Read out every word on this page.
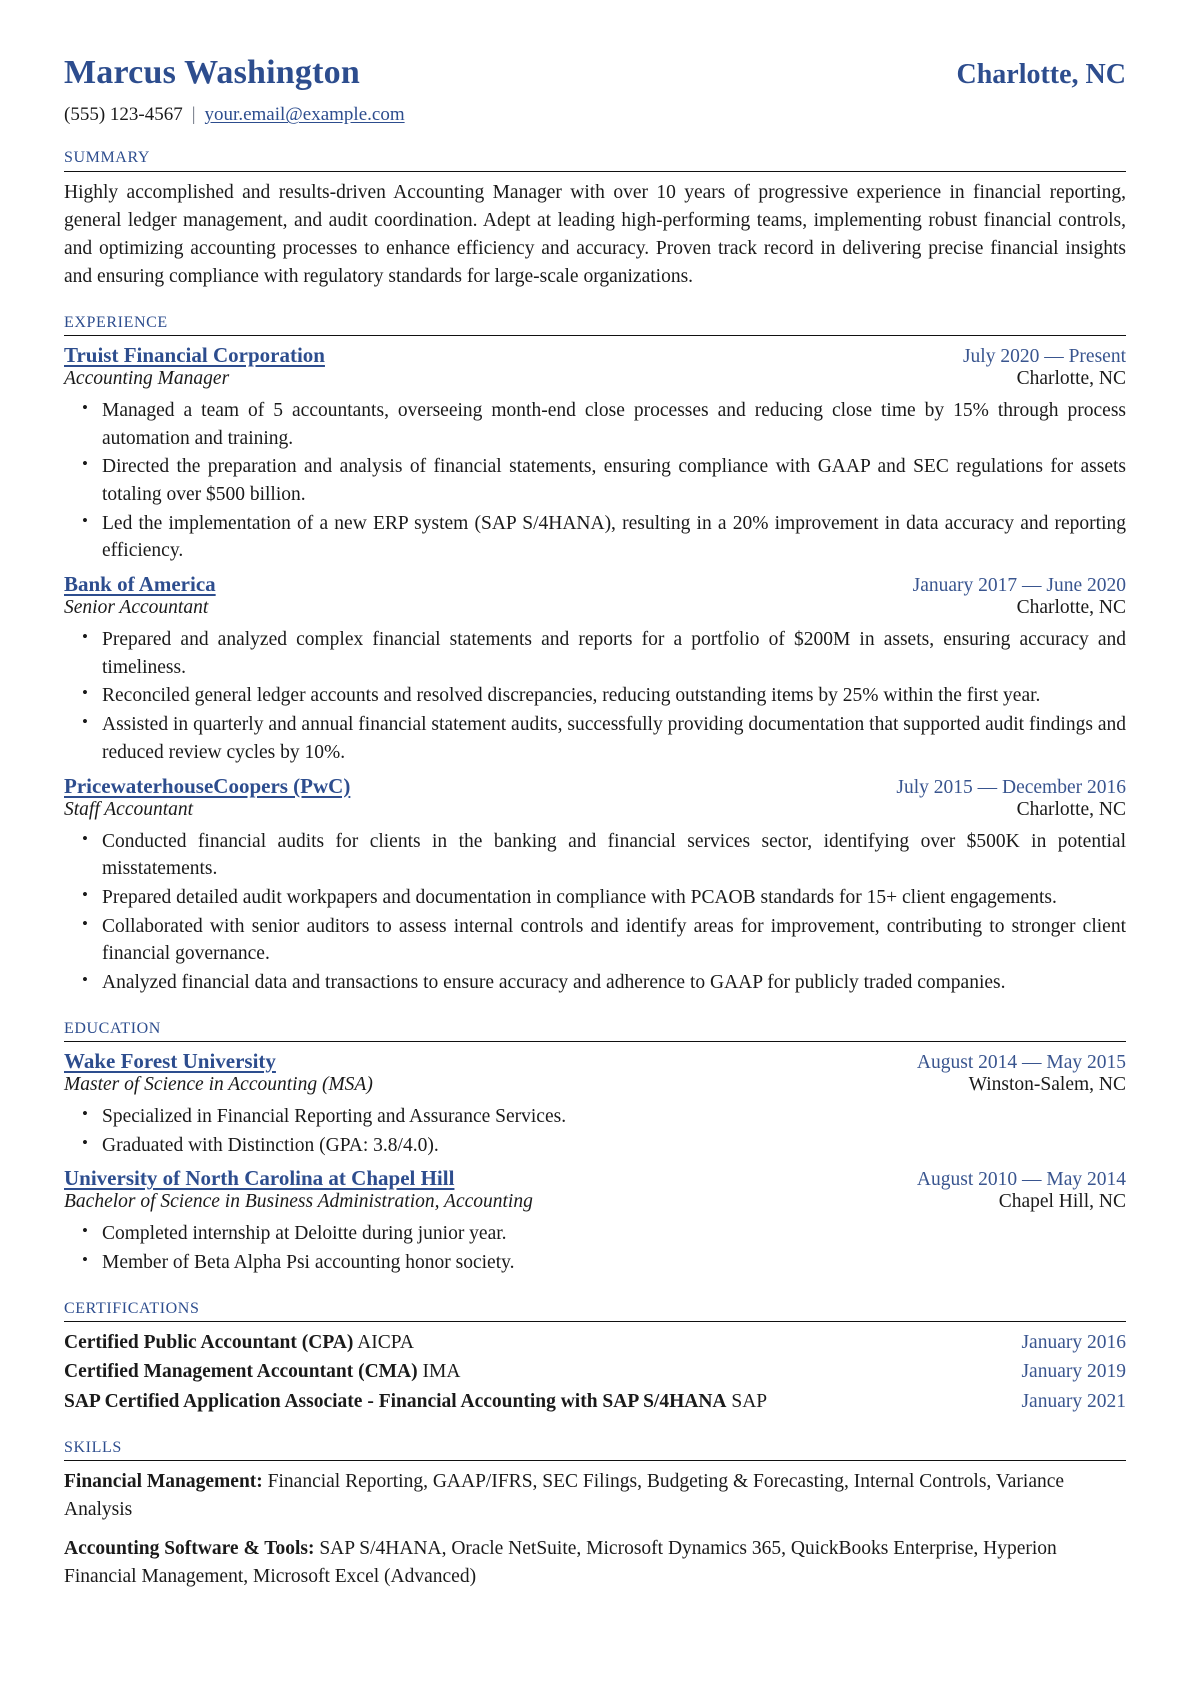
Marcus Washington	Charlotte, NC
(555) 123-4567 | your.email@example.com
summary
Highly accomplished and results-driven Accounting Manager with over 10 years of progressive experience in financial reporting, general ledger management, and audit coordination. Adept at leading high-performing teams, implementing robust financial controls, and optimizing accounting processes to enhance efficiency and accuracy. Proven track record in delivering precise financial insights and ensuring compliance with regulatory standards for large-scale organizations.
experience
Truist Financial Corporation	July 2020 — Present
Accounting Manager	Charlotte, NC
• Managed a team of 5 accountants, overseeing month-end close processes and reducing close time by 15% through process automation and training.
• Directed the preparation and analysis of financial statements, ensuring compliance with GAAP and SEC regulations for assets totaling over $500 billion.
• Led the implementation of a new ERP system (SAP S/4HANA), resulting in a 20% improvement in data accuracy and reporting efficiency.
Bank of America	January 2017 — June 2020
Senior Accountant	Charlotte, NC
• Prepared and analyzed complex financial statements and reports for a portfolio of $200M in assets, ensuring accuracy and timeliness.
• Reconciled general ledger accounts and resolved discrepancies, reducing outstanding items by 25% within the first year.
• Assisted in quarterly and annual financial statement audits, successfully providing documentation that supported audit findings and reduced review cycles by 10%.
PricewaterhouseCoopers (PwC)	July 2015 — December 2016
Staff Accountant	Charlotte, NC
• Conducted financial audits for clients in the banking and financial services sector, identifying over $500K in potential misstatements.
• Prepared detailed audit workpapers and documentation in compliance with PCAOB standards for 15+ client engagements.
• Collaborated with senior auditors to assess internal controls and identify areas for improvement, contributing to stronger client financial governance.
• Analyzed financial data and transactions to ensure accuracy and adherence to GAAP for publicly traded companies.
education
Wake Forest University	August 2014 — May 2015
Master of Science in Accounting (MSA)	Winston-Salem, NC
• Specialized in Financial Reporting and Assurance Services.
• Graduated with Distinction (GPA: 3.8/4.0).
University of North Carolina at Chapel Hill	August 2010 — May 2014
Bachelor of Science in Business Administration, Accounting	Chapel Hill, NC
• Completed internship at Deloitte during junior year.
• Member of Beta Alpha Psi accounting honor society.
certifications
Certified Public Accountant (CPA) AICPA	January 2016
Certified Management Accountant (CMA) IMA	January 2019
SAP Certified Application Associate - Financial Accounting with SAP S/4HANA SAP	January 2021
skills
Financial Management: Financial Reporting, GAAP/IFRS, SEC Filings, Budgeting & Forecasting, Internal Controls, Variance Analysis
Accounting Software & Tools: SAP S/4HANA, Oracle NetSuite, Microsoft Dynamics 365, QuickBooks Enterprise, Hyperion Financial Management, Microsoft Excel (Advanced)
